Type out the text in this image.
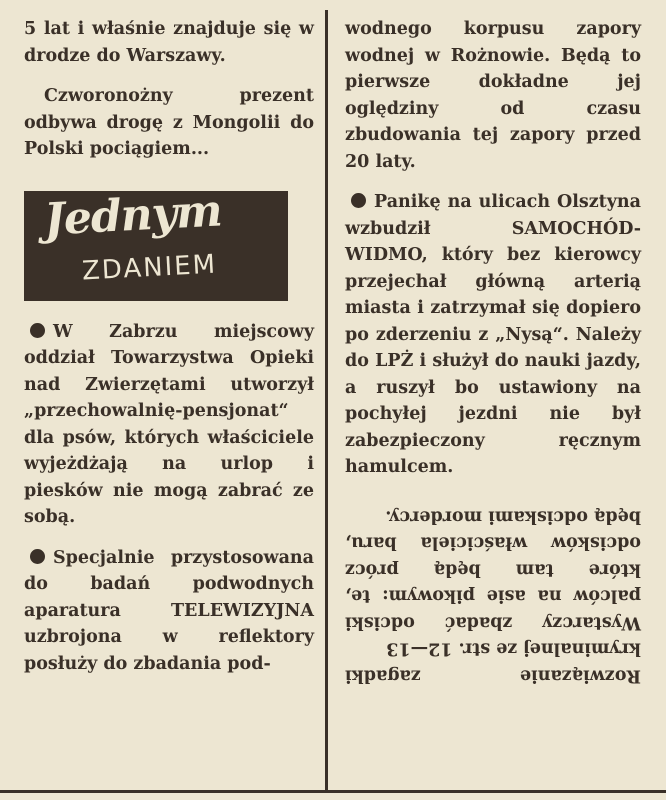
5 lat i właśnie znajduje się w drodze do Warszawy.

Czworonożny prezent odbywa drogę z Mongolii do Polski pociągiem...

Jednym
ZDANIEM

W Zabrzu miejscowy oddział Towarzystwa Opieki nad Zwierzętami utworzył „przechowalnię-pensjonat“ dla psów, których właściciele wyjeżdżają na urlop i piesków nie mogą zabrać ze sobą.

Specjalnie przystosowana do badań podwodnych aparatura TELEWIZYJNA uzbrojona w reflektory posłuży do zbadania pod-

wodnego korpusu zapory wodnej w Rożnowie. Będą to pierwsze dokładne jej oględziny od czasu zbudowania tej zapory przed 20 laty.

Panikę na ulicach Olsztyna wzbudził SAMOCHÓD-WIDMO, który bez kierowcy przejechał główną arterią miasta i zatrzymał się dopiero po zderzeniu z „Nysą“. Należy do LPŻ i służył do nauki jazdy, a ruszył bo ustawiony na pochyłej jezdni nie był zabezpieczony ręcznym hamulcem.

Rozwiązanie zagadki kryminalnej ze str. 12—13

Wystarczy zbadać odciski palców na asie pikowym: te, które tam będą prócz odcisków właściciela baru, będą odciskami mordercy.
